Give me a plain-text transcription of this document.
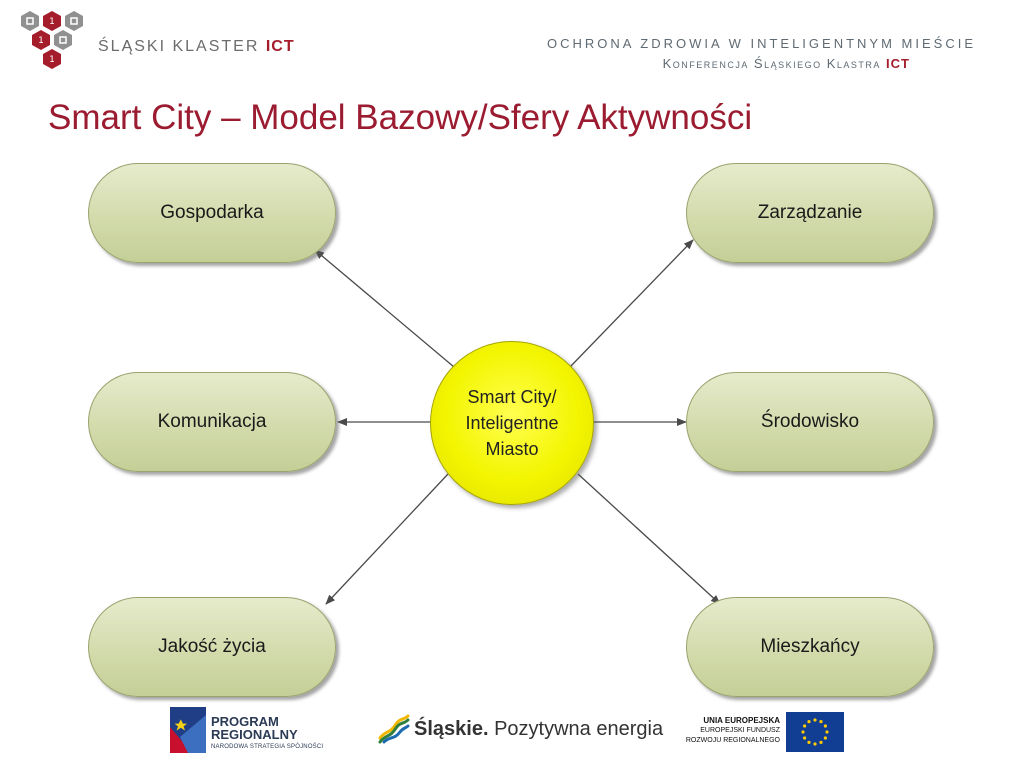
1
1
1
ŚLĄSKI KLASTER ICT	OCHRONA ZDROWIA W INTELIGENTNYM MIEŚCIE
Konferencja Śląskiego Klastra ICT
Smart City – Model Bazowy/Sfery Aktywności
Gospodarka	Zarządzanie
Komunikacja	Środowisko
Jakość życia	Mieszkańcy
Smart City/
Inteligentne
Miasto
PROGRAM
REGIONALNY
NARODOWA STRATEGIA SPÓJNOŚCI
Śląskie. Pozytywna energia	UNIA EUROPEJSKA
EUROPEJSKI FUNDUSZ
ROZWOJU REGIONALNEGO
